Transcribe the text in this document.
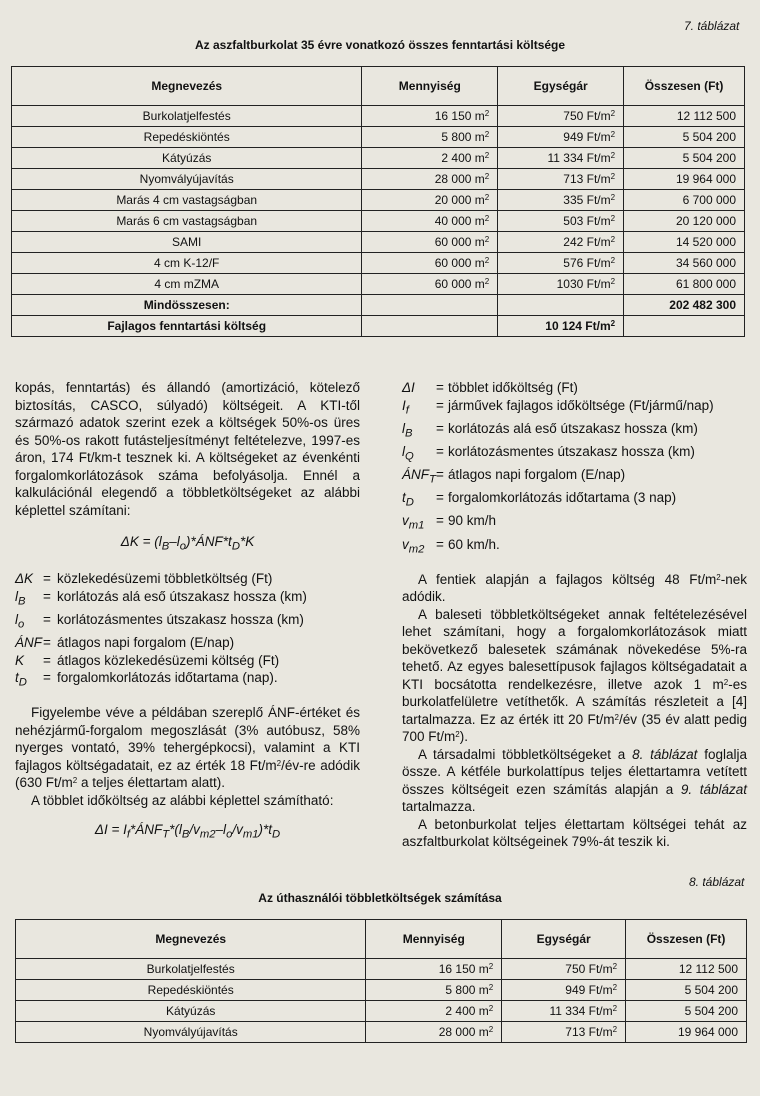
7. táblázat
Az aszfaltburkolat 35 évre vonatkozó összes fenntartási költsége
Megnevezés	Mennyiség	Egységár	Összesen (Ft)
Burkolatjelfestés	16 150 $m^2$	750 $Ft/m^2$	12 112 500
Repedéskiöntés	5 800 $m^2$	949 $Ft/m^2$	5 504 200
Kátyúzás	2 400 $m^2$	11 334 $Ft/m^2$	5 504 200
Nyomvályújavítás	28 000 $m^2$	713 $Ft/m^2$	19 964 000
Marás 4 cm vastagságban	20 000 $m^2$	335 $Ft/m^2$	6 700 000
Marás 6 cm vastagságban	40 000 $m^2$	503 $Ft/m^2$	20 120 000
SAMI	60 000 $m^2$	242 $Ft/m^2$	14 520 000
4 cm K-12/F	60 000 $m^2$	576 $Ft/m^2$	34 560 000
4 cm mZMA	60 000 $m^2$	1030 $Ft/m^2$	61 800 000
Mindösszesen:			202 482 300
Fajlagos fenntartási költség		10 124 $Ft/m^2$	

kopás, fenntartás) és állandó (amortizáció, kötelező biztosítás, CASCO, súlyadó) költségeit. A KTI-től származó adatok szerint ezek a költségek 50%-os üres és 50%-os rakott futásteljesítményt feltételezve, 1997-es áron, 174 Ft/km-t tesznek ki. A költségeket az évenkénti forgalomkorlátozások száma befolyásolja. Ennél a kalkulációnál elegendő a többletköltségeket az alábbi képlettel számítani:

$\Delta K = (l_B-l_o)*ÁNF*t_D*K$
ΔK = közlekedésüzemi többletköltség (Ft)
$l_B$	= korlátozás alá eső útszakasz hossza (km)
$l_o$	= korlátozásmentes útszakasz hossza (km)
ÁNF = átlagos napi forgalom (E/nap)
K	= átlagos közlekedésüzemi költség (Ft)
$t_D$	= forgalomkorlátozás időtartama (nap).

Figyelembe véve a példában szereplő ÁNF-értéket és nehézjármű-forgalom megoszlását (3% autóbusz, 58% nyerges vontató, 39% tehergépkocsi), valamint a KTI fajlagos költségadatait, ez az érték 18 $Ft/m^2/év-re$ adódik (630 $Ft/m^2$ a teljes élettartam alatt).

A többlet időköltség az alábbi képlettel számítható:

$\Delta I = I_f*ÁNF_T*(l_B/v_{m2}-l_o/v_{m1})*t_D$
ΔI	= többlet időköltség (Ft)
$I_f$	= járművek fajlagos időköltsége (Ft/jármű/nap)
$l_B$	= korlátozás alá eső útszakasz hossza (km)
$l_Q$	= korlátozásmentes útszakasz hossza (km)
$ÁNF_T$ = átlagos napi forgalom (E/nap)
$t_D$	= forgalomkorlátozás időtartama (3 nap)
$v_{m1} = 90$ km/h
$v_{m2} = 60$ km/h.

A fentiek alapján a fajlagos költség 48 $Ft/m^2$-nek adódik.

A baleseti többletköltségeket annak feltételezésével lehet számítani, hogy a forgalomkorlátozások miatt bekövetkező balesetek számának növekedése 5%-ra tehető. Az egyes balesettípusok fajlagos költségadatait a KTI bocsátotta rendelkezésre, illetve azok 1 $m^2-es$ burkolatfelületre vetíthetők. A számítás részleteit a [4] tartalmazza. Ez az érték itt 20 $Ft/m^2/év$ (35 év alatt pedig 700 $Ft/m^2$).

A társadalmi többletköltségeket a 8. táblázat foglalja össze. A kétféle burkolattípus teljes élettartamra vetített összes költségeit ezen számítás alapján a 9. táblázat tartalmazza.

A betonburkolat teljes élettartam költségei tehát az aszfaltburkolat költségeinek 79%-át teszik ki.

8. táblázat
Az úthasználói többletköltségek számítása
Megnevezés	Mennyiség	Egységár	Összesen (Ft)
Burkolatjelfestés	16 150 $m^2$	750 $Ft/m^2$	12 112 500
Repedéskiöntés	5 800 $m^2$	949 $Ft/m^2$	5 504 200
Kátyúzás	2 400 $m^2$	11 334 $Ft/m^2$	5 504 200
Nyomvályújavítás	28 000 $m^2$	713 $Ft/m^2$	19 964 000
